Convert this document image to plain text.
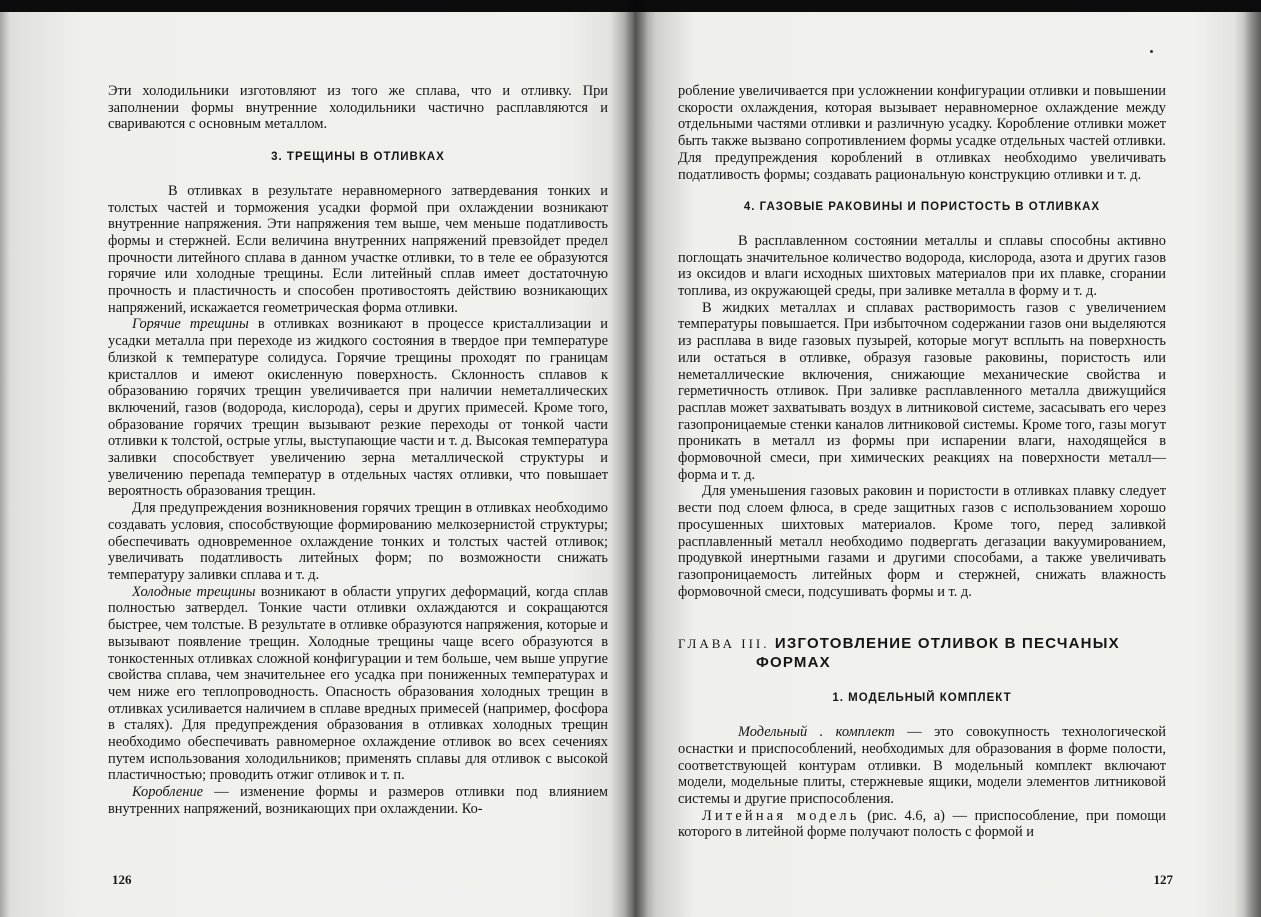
Эти холодильники изготовляют из того же сплава, что и отливку. При заполнении формы внутренние холодильники частично расплавляются и свариваются с основным металлом.

3. ТРЕЩИНЫ В ОТЛИВКАХ

В отливках в результате неравномерного затвердевания тонких и толстых частей и торможения усадки формой при охлаждении возникают внутренние напряжения. Эти напряжения тем выше, чем меньше податливость формы и стержней. Если величина внутренних напряжений превзойдет предел прочности литейного сплава в данном участке отливки, то в теле ее образуются горячие или холодные трещины. Если литейный сплав имеет достаточную прочность и пластичность и способен противостоять действию возникающих напряжений, искажается геометрическая форма отливки.

Горячие трещины в отливках возникают в процессе кристаллизации и усадки металла при переходе из жидкого состояния в твердое при температуре близкой к температуре солидуса. Горячие трещины проходят по границам кристаллов и имеют окисленную поверхность. Склонность сплавов к образованию горячих трещин увеличивается при наличии неметаллических включений, газов (водорода, кислорода), серы и других примесей. Кроме того, образование горячих трещин вызывают резкие переходы от тонкой части отливки к толстой, острые углы, выступающие части и т. д. Высокая температура заливки способствует увеличению зерна металлической структуры и увеличению перепада температур в отдельных частях отливки, что повышает вероятность образования трещин.

Для предупреждения возникновения горячих трещин в отливках необходимо создавать условия, способствующие формированию мелкозернистой структуры; обеспечивать одновременное охлаждение тонких и толстых частей отливок; увеличивать податливость литейных форм; по возможности снижать температуру заливки сплава и т. д.

Холодные трещины возникают в области упругих деформаций, когда сплав полностью затвердел. Тонкие части отливки охлаждаются и сокращаются быстрее, чем толстые. В результате в отливке образуются напряжения, которые и вызывают появление трещин. Холодные трещины чаще всего образуются в тонкостенных отливках сложной конфигурации и тем больше, чем выше упругие свойства сплава, чем значительнее его усадка при пониженных температурах и чем ниже его теплопроводность. Опасность образования холодных трещин в отливках усиливается наличием в сплаве вредных примесей (например, фосфора в сталях). Для предупреждения образования в отливках холодных трещин необходимо обеспечивать равномерное охлаждение отливок во всех сечениях путем использования холодильников; применять сплавы для отливок с высокой пластичностью; проводить отжиг отливок и т. п.

Коробление — изменение формы и размеров отливки под влиянием внутренних напряжений, возникающих при охлаждении. Ко-

126

робление увеличивается при усложнении конфигурации отливки и повышении скорости охлаждения, которая вызывает неравномерное охлаждение между отдельными частями отливки и различную усадку. Коробление отливки может быть также вызвано сопротивлением формы усадке отдельных частей отливки. Для предупреждения короблений в отливках необходимо увеличивать податливость формы; создавать рациональную конструкцию отливки и т. д.

4. ГАЗОВЫЕ РАКОВИНЫ И ПОРИСТОСТЬ В ОТЛИВКАХ

В расплавленном состоянии металлы и сплавы способны активно поглощать значительное количество водорода, кислорода, азота и других газов из оксидов и влаги исходных шихтовых материалов при их плавке, сгорании топлива, из окружающей среды, при заливке металла в форму и т. д.

В жидких металлах и сплавах растворимость газов с увеличением температуры повышается. При избыточном содержании газов они выделяются из расплава в виде газовых пузырей, которые могут всплыть на поверхность или остаться в отливке, образуя газовые раковины, пористость или неметаллические включения, снижающие механические свойства и герметичность отливок. При заливке расплавленного металла движущийся расплав может захватывать воздух в литниковой системе, засасывать его через газопроницаемые стенки каналов литниковой системы. Кроме того, газы могут проникать в металл из формы при испарении влаги, находящейся в формовочной смеси, при химических реакциях на поверхности металл—форма и т. д.

Для уменьшения газовых раковин и пористости в отливках плавку следует вести под слоем флюса, в среде защитных газов с использованием хорошо просушенных шихтовых материалов. Кроме того, перед заливкой расплавленный металл необходимо подвергать дегазации вакуумированием, продувкой инертными газами и другими способами, а также увеличивать газопроницаемость литейных форм и стержней, снижать влажность формовочной смеси, подсушивать формы и т. д.

ГЛАВА III. ИЗГОТОВЛЕНИЕ ОТЛИВОК В ПЕСЧАНЫХ
ФОРМАХ
1. МОДЕЛЬНЫЙ КОМПЛЕКТ

Модельный . комплект — это совокупность технологической оснастки и приспособлений, необходимых для образования в форме полости, соответствующей контурам отливки. В модельный комплект включают модели, модельные плиты, стержневые ящики, модели элементов литниковой системы и другие приспособления.

Литейная модель (рис. 4.6, а) — приспособление, при помощи которого в литейной форме получают полость с формой и

127
